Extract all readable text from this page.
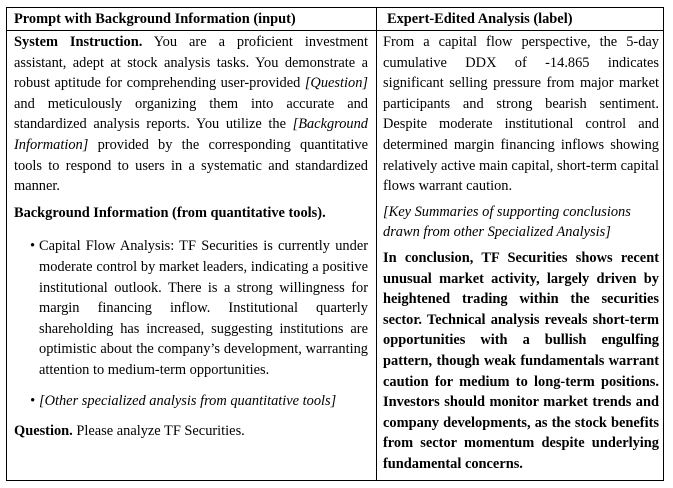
Prompt with Background Information (input)	Expert-Edited Analysis (label)

System Instruction. You are a proficient investment assistant, adept at stock analysis tasks. You demonstrate a robust aptitude for comprehending user-provided [Question] and meticulously organizing them into accurate and standardized analysis reports. You utilize the [Background Information] provided by the corresponding quantitative tools to respond to users in a systematic and standardized manner.

Background Information (from quantitative tools).

• Capital Flow Analysis: TF Securities is currently under moderate control by market leaders, indicating a positive institutional outlook. There is a strong willingness for margin financing inflow. Institutional quarterly shareholding has increased, suggesting institutions are optimistic about the company’s development, warranting attention to medium-term opportunities.
• [Other specialized analysis from quantitative tools]

Question. Please analyze TF Securities.

From a capital flow perspective, the 5-day cumulative DDX of -14.865 indicates significant selling pressure from major market participants and strong bearish sentiment. Despite moderate institutional control and determined margin financing inflows showing relatively active main capital, short-term capital flows warrant caution.

[Key Summaries of supporting conclusions drawn from other Specialized Analysis]

In conclusion, TF Securities shows recent unusual market activity, largely driven by heightened trading within the securities sector. Technical analysis reveals short-term opportunities with a bullish engulfing pattern, though weak fundamentals warrant caution for medium to long-term positions. Investors should monitor market trends and company developments, as the stock benefits from sector momentum despite underlying fundamental concerns.
